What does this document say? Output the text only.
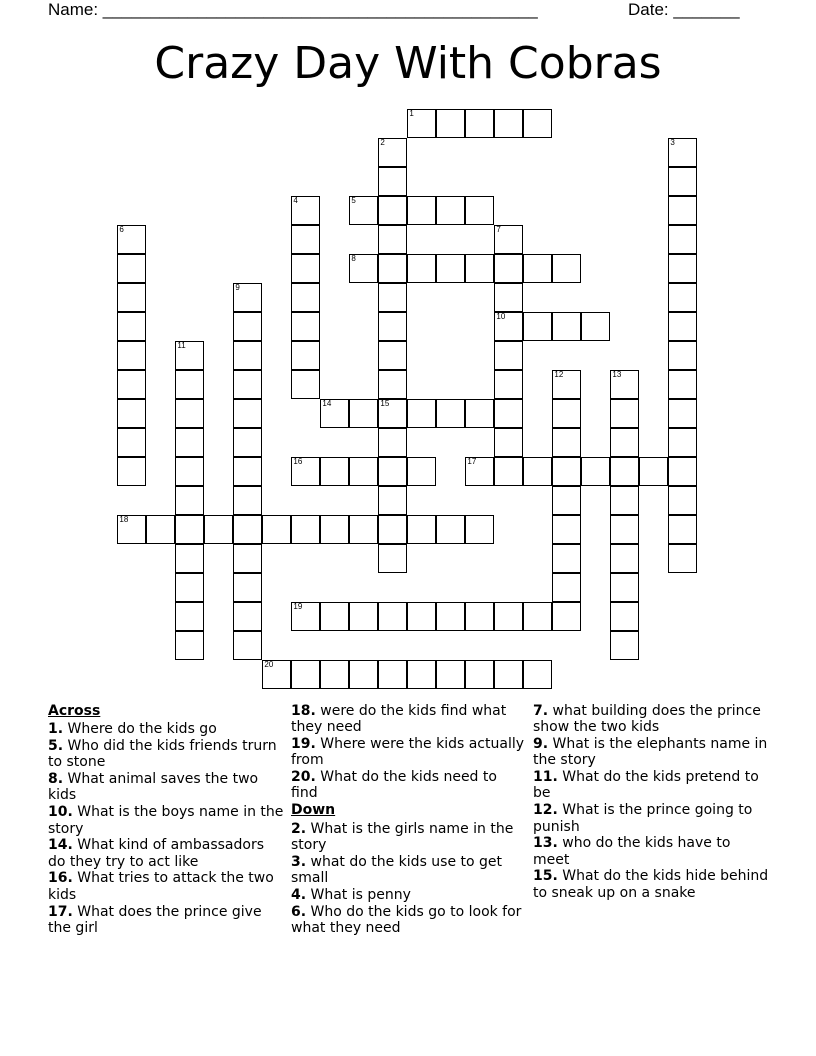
Name: ______________________________________________	Date: _______
Crazy Day With Cobras
1
2
15
3
4	5
6	7
10
8
9
11
12	13
14
16	17
18
19
20
Across
1. Where do the kids go
5. Who did the kids friends trurn to stone
8. What animal saves the two kids
10. What is the boys name in the story
14. What kind of ambassadors do they try to act like
16. What tries to attack the two kids
17. What does the prince give the girl
18. were do the kids find what they need
19. Where were the kids actually from
20. What do the kids need to find
Down
2. What is the girls name in the story
3. what do the kids use to get small
4. What is penny
6. Who do the kids go to look for what they need
7. what building does the prince show the two kids
9. What is the elephants name in the story
11. What do the kids pretend to be
12. What is the prince going to punish
13. who do the kids have to meet
15. What do the kids hide behind to sneak up on a snake
